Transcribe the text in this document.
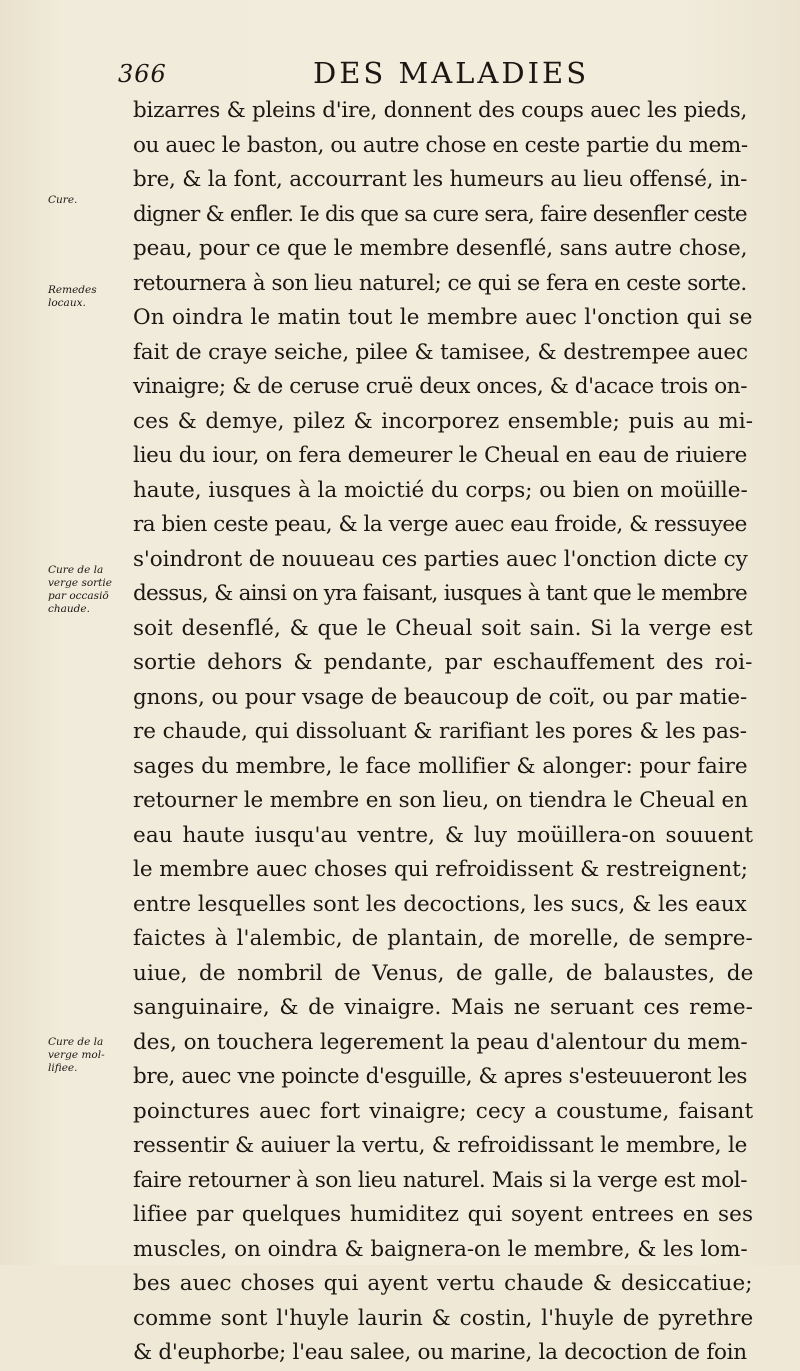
366	DES MALADIES
bizarres & pleins d'ire, donnent des coups auec les pieds,
ou auec le baston, ou autre chose en ceste partie du mem-
bre, & la font, accourrant les humeurs au lieu offensé, in-
digner & enfler. Ie dis que sa cure sera, faire desenfler ceste
peau, pour ce que le membre desenflé, sans autre chose,
retournera à son lieu naturel; ce qui se fera en ceste sorte.
On oindra le matin tout le membre auec l'onction qui se
fait de craye seiche, pilee & tamisee, & destrempee auec
vinaigre; & de ceruse cruë deux onces, & d'acace trois on-
ces & demye, pilez & incorporez ensemble; puis au mi-
lieu du iour, on fera demeurer le Cheual en eau de riuiere
haute, iusques à la moictié du corps; ou bien on moüille-
ra bien ceste peau, & la verge auec eau froide, & ressuyee
s'oindront de nouueau ces parties auec l'onction dicte cy
dessus, & ainsi on yra faisant, iusques à tant que le membre
soit desenflé, & que le Cheual soit sain. Si la verge est
sortie dehors & pendante, par eschauffement des roi-
gnons, ou pour vsage de beaucoup de coït, ou par matie-
re chaude, qui dissoluant & rarifiant les pores & les pas-
sages du membre, le face mollifier & alonger: pour faire
retourner le membre en son lieu, on tiendra le Cheual en
eau haute iusqu'au ventre, & luy moüillera-on souuent
le membre auec choses qui refroidissent & restreignent;
entre lesquelles sont les decoctions, les sucs, & les eaux
faictes à l'alembic, de plantain, de morelle, de sempre-
uiue, de nombril de Venus, de galle, de balaustes, de
sanguinaire, & de vinaigre. Mais ne seruant ces reme-
des, on touchera legerement la peau d'alentour du mem-
bre, auec vne poincte d'esguille, & apres s'esteuueront les
poinctures auec fort vinaigre; cecy a coustume, faisant
ressentir & auiuer la vertu, & refroidissant le membre, le
faire retourner à son lieu naturel. Mais si la verge est mol-
lifiee par quelques humiditez qui soyent entrees en ses
muscles, on oindra & baignera-on le membre, & les lom-
bes auec choses qui ayent vertu chaude & desiccatiue;
comme sont l'huyle laurin & costin, l'huyle de pyrethre
& d'euphorbe; l'eau salee, ou marine, la decoction de foin
Cure.
Remedes
locaux.
Cure de la
verge sortie
par occasiō
chaude.
Cure de la
verge mol-
lifiee.
